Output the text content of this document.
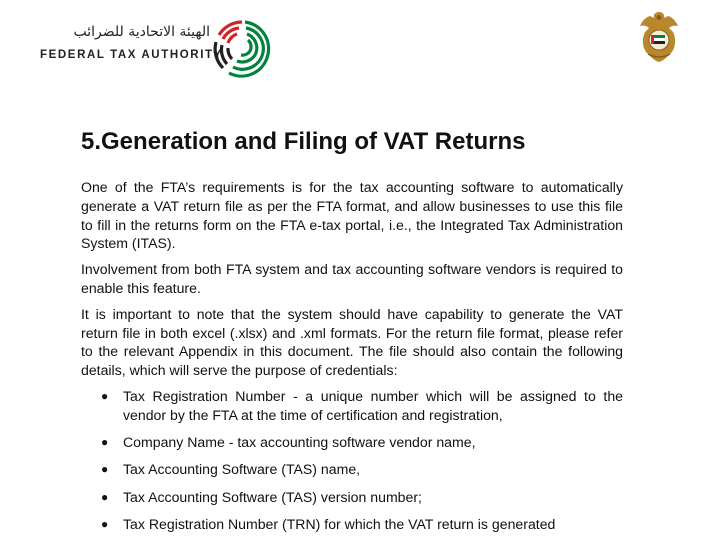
الهيئة الاتحادية للضرائب
FEDERAL TAX AUTHORITY
5.Generation and Filing of VAT Returns

One of the FTA’s requirements is for the tax accounting software to automatically generate a VAT return file as per the FTA format, and allow businesses to use this file to fill in the returns form on the FTA e-tax portal, i.e., the Integrated Tax Administration System (ITAS).

Involvement from both FTA system and tax accounting software vendors is required to enable this feature.

It is important to note that the system should have capability to generate the VAT return file in both excel (.xlsx) and .xml formats. For the return file format, please refer to the relevant Appendix in this document. The file should also contain the following details, which will serve the purpose of credentials:

● Tax Registration Number - a unique number which will be assigned to the vendor by the FTA at the time of certification and registration,
● Company Name - tax accounting software vendor name,
● Tax Accounting Software (TAS) name,
● Tax Accounting Software (TAS) version number;
● Tax Registration Number (TRN) for which the VAT return is generated
